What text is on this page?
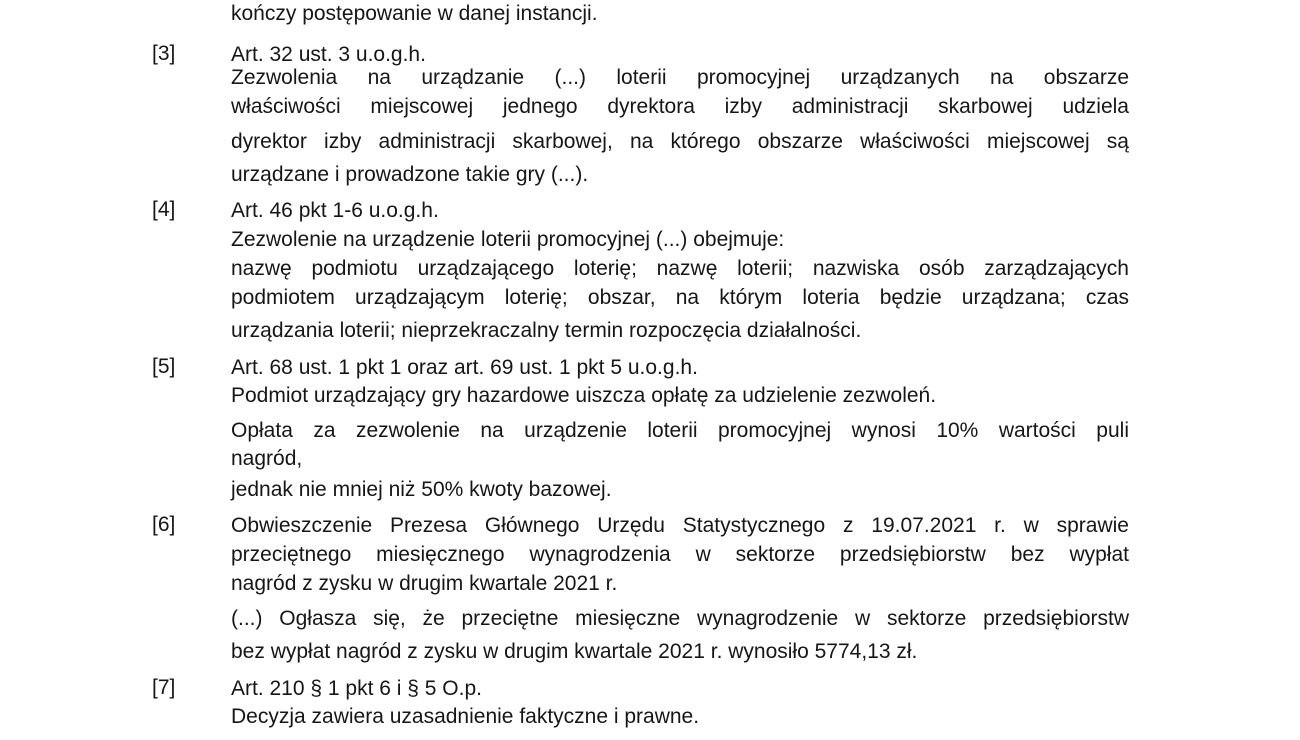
kończy postępowanie w danej instancji.
[3]	Art. 32 ust. 3 u.o.g.h.
Zezwolenia na urządzanie (...) loterii promocyjnej urządzanych na obszarze
właściwości miejscowej jednego dyrektora izby administracji skarbowej udziela
dyrektor izby administracji skarbowej, na którego obszarze właściwości miejscowej są
urządzane i prowadzone takie gry (...).
[4]	Art. 46 pkt 1-6 u.o.g.h.
Zezwolenie na urządzenie loterii promocyjnej (...) obejmuje:
nazwę podmiotu urządzającego loterię; nazwę loterii; nazwiska osób zarządzających
podmiotem urządzającym loterię; obszar, na którym loteria będzie urządzana; czas
urządzania loterii; nieprzekraczalny termin rozpoczęcia działalności.
[5]	Art. 68 ust. 1 pkt 1 oraz art. 69 ust. 1 pkt 5 u.o.g.h.
Podmiot urządzający gry hazardowe uiszcza opłatę za udzielenie zezwoleń.
Opłata za zezwolenie na urządzenie loterii promocyjnej wynosi 10% wartości puli
nagród,
jednak nie mniej niż 50% kwoty bazowej.
[6]	Obwieszczenie Prezesa Głównego Urzędu Statystycznego z 19.07.2021 r. w sprawie
przeciętnego miesięcznego wynagrodzenia w sektorze przedsiębiorstw bez wypłat
nagród z zysku w drugim kwartale 2021 r.
(...) Ogłasza się, że przeciętne miesięczne wynagrodzenie w sektorze przedsiębiorstw
bez wypłat nagród z zysku w drugim kwartale 2021 r. wynosiło 5774,13 zł.
[7]	Art. 210 § 1 pkt 6 i § 5 O.p.
Decyzja zawiera uzasadnienie faktyczne i prawne.
